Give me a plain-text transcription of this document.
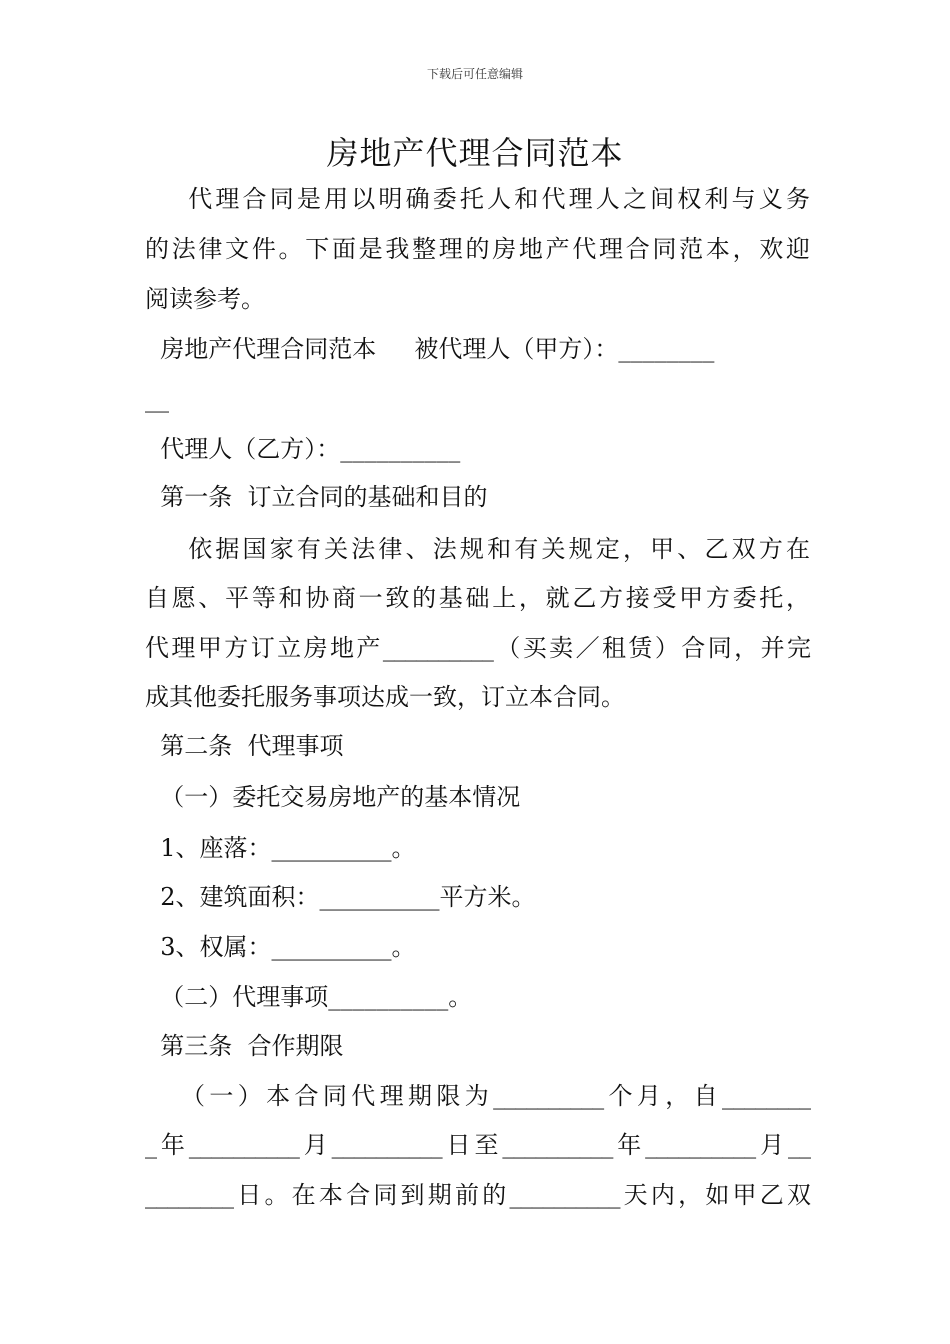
下载后可任意编辑
房地产代理合同范本
代理合同是用以明确委托人和代理人之间权利与义务
的法律文件。下面是我整理的房地产代理合同范本，欢迎
阅读参考。
房地产代理合同范本     被代理人（甲方）：________
__
代理人（乙方）：__________
第一条  订立合同的基础和目的
依据国家有关法律、法规和有关规定，甲、乙双方在
自愿、平等和协商一致的基础上，就乙方接受甲方委托，
代理甲方订立房地产__________（买卖／租赁）合同，并完
成其他委托服务事项达成一致，订立本合同。
第二条  代理事项
（一）委托交易房地产的基本情况
1、座落：__________。
2、建筑面积：__________平方米。
3、权属：__________。
（二）代理事项__________。
第三条  合作期限
（一）本合同代理期限为__________个月，自________
_年__________月__________日至__________年__________月__
________日。在本合同到期前的__________天内，如甲乙双
